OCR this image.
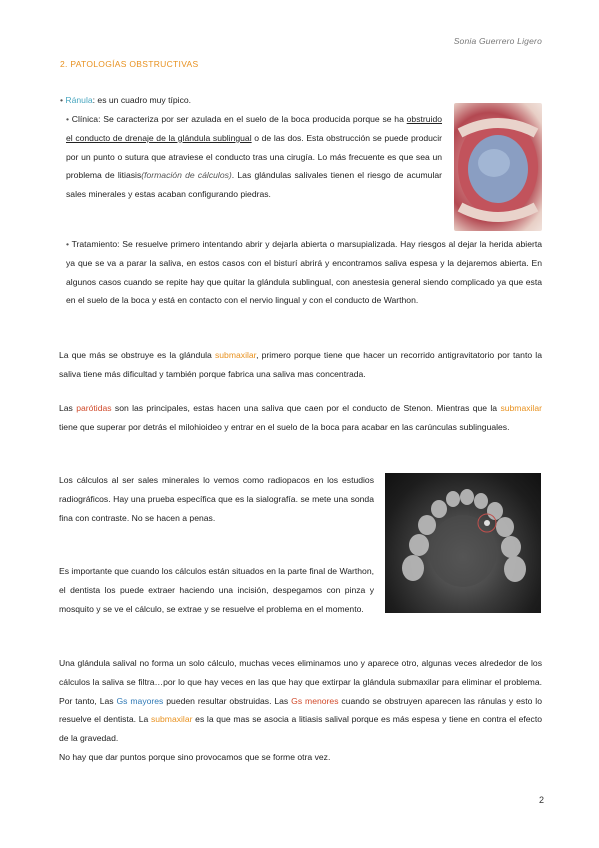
Sonia Guerrero Ligero
2. PATOLOGÍAS OBSTRUCTIVAS

• Ránula: es un cuadro muy típico.

• Clínica: Se caracteriza por ser azulada en el suelo de la boca producida porque se ha obstruido el conducto de drenaje de la glándula sublingual o de las dos. Esta obstrucción se puede producir por un punto o sutura que atraviese el conducto tras una cirugía. Lo más frecuente es que sea un problema de litiasis(formación de cálculos). Las glándulas salivales tienen el riesgo de acumular sales minerales y estas acaban configurando piedras.

• Tratamiento: Se resuelve primero intentando abrir y dejarla abierta o marsupializada. Hay riesgos al dejar la herida abierta ya que se va a parar la saliva, en estos casos con el bisturí abrirá y encontramos saliva espesa y la dejaremos abierta. En algunos casos cuando se repite hay que quitar la glándula sublingual, con anestesia general siendo complicado ya que esta en el suelo de la boca y está en contacto con el nervio lingual y con el conducto de Warthon.

La que más se obstruye es la glándula submaxilar, primero porque tiene que hacer un recorrido antigravitatorio por tanto la saliva tiene más dificultad y también porque fabrica una saliva mas concentrada.

Las parótidas son las principales, estas hacen una saliva que caen por el conducto de Stenon. Mientras que la submaxilar tiene que superar por detrás el milohioideo y entrar en el suelo de la boca para acabar en las carúnculas sublinguales.

Los cálculos al ser sales minerales lo vemos como radiopacos en los estudios radiográficos. Hay una prueba específica que es la sialografía. se mete una sonda fina con contraste. No se hacen a penas.

Es importante que cuando los cálculos están situados en la parte final de Warthon, el dentista los puede extraer haciendo una incisión, despegamos con pinza y mosquito y se ve el cálculo, se extrae y se resuelve el problema en el momento.

Una glándula salival no forma un solo cálculo, muchas veces eliminamos uno y aparece otro, algunas veces alrededor de los cálculos la saliva se filtra…por lo que hay veces en las que hay que extirpar la glándula submaxilar para eliminar el problema. Por tanto, Las Gs mayores pueden resultar obstruidas. Las Gs menores cuando se obstruyen aparecen las ránulas y esto lo resuelve el dentista. La submaxilar es la que mas se asocia a litiasis salival porque es más espesa y tiene en contra el efecto de la gravedad.

No hay que dar puntos porque sino provocamos que se forme otra vez.

2
